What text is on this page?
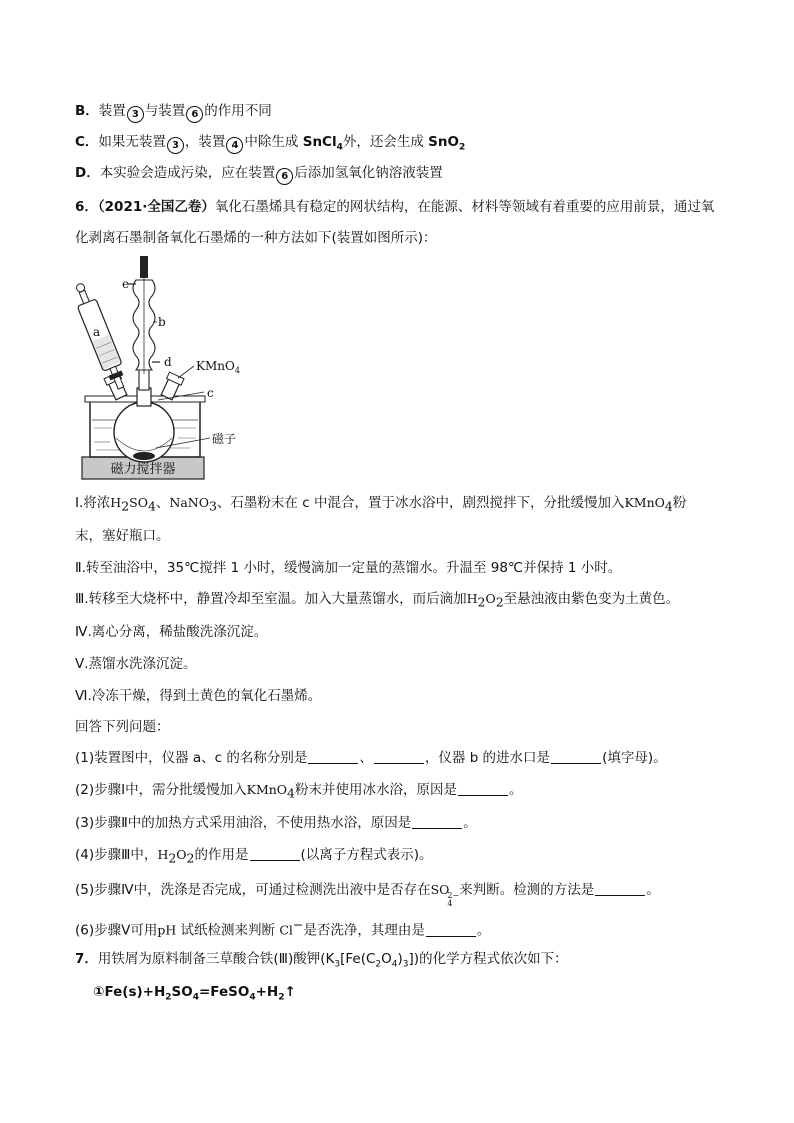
B．装置 3 与装置 6 的作用不同
C．如果无装置 3 ，装置 4 中除生成 SnCl$_4$外，还会生成 SnO$_2$
D．本实验会造成污染，应在装置 6 后添加氢氧化钠溶液装置
6．（2021·全国乙卷）氧化石墨烯具有稳定的网状结构，在能源、材料等领域有着重要的应用前景，通过氧
化剥离石墨制备氧化石墨烯的一种方法如下(装置如图所示)：
磁力搅拌器
e
b
d
a
c
KMnO$_4$
磁子
Ⅰ.将浓$H_2SO_4$、NaNO$_3$、石墨粉末在 c 中混合，置于冰水浴中，剧烈搅拌下，分批缓慢加入KMnO$_4$粉
末，塞好瓶口。
Ⅱ.转至油浴中，35℃搅拌 1 小时，缓慢滴加一定量的蒸馏水。升温至 98℃并保持 1 小时。
Ⅲ.转移至大烧杯中，静置冷却至室温。加入大量蒸馏水，而后滴加$H_2O_2$至悬浊液由紫色变为土黄色。
Ⅳ.离心分离，稀盐酸洗涤沉淀。
Ⅴ.蒸馏水洗涤沉淀。
Ⅵ.冷冻干燥，得到土黄色的氧化石墨烯。
回答下列问题：
(1)装置图中，仪器 a、c 的名称分别是	、	，仪器 b 的进水口是	(填字母)。
(2)步骤Ⅰ中，需分批缓慢加入KMnO$_4$粉末并使用冰水浴，原因是	。
(3)步骤Ⅱ中的加热方式采用油浴，不使用热水浴，原因是	。
(4)步骤Ⅲ中，$H_2O_2$的作用是	(以离子方程式表示)。
(5)步骤Ⅳ中，洗涤是否完成，可通过检测洗出液中是否存在SO
2−
4
来判断。检测的方法是	。
(6)步骤Ⅴ可用pH 试纸检测来判断 Cl−是否洗净，其理由是	。
7．用铁屑为原料制备三草酸合铁(Ⅲ)酸钾$(K_3[Fe(C_2O_4)_3])$的化学方程式依次如下：
$①Fe(s)+H_2SO_4=FeSO_4+H_2↑$
